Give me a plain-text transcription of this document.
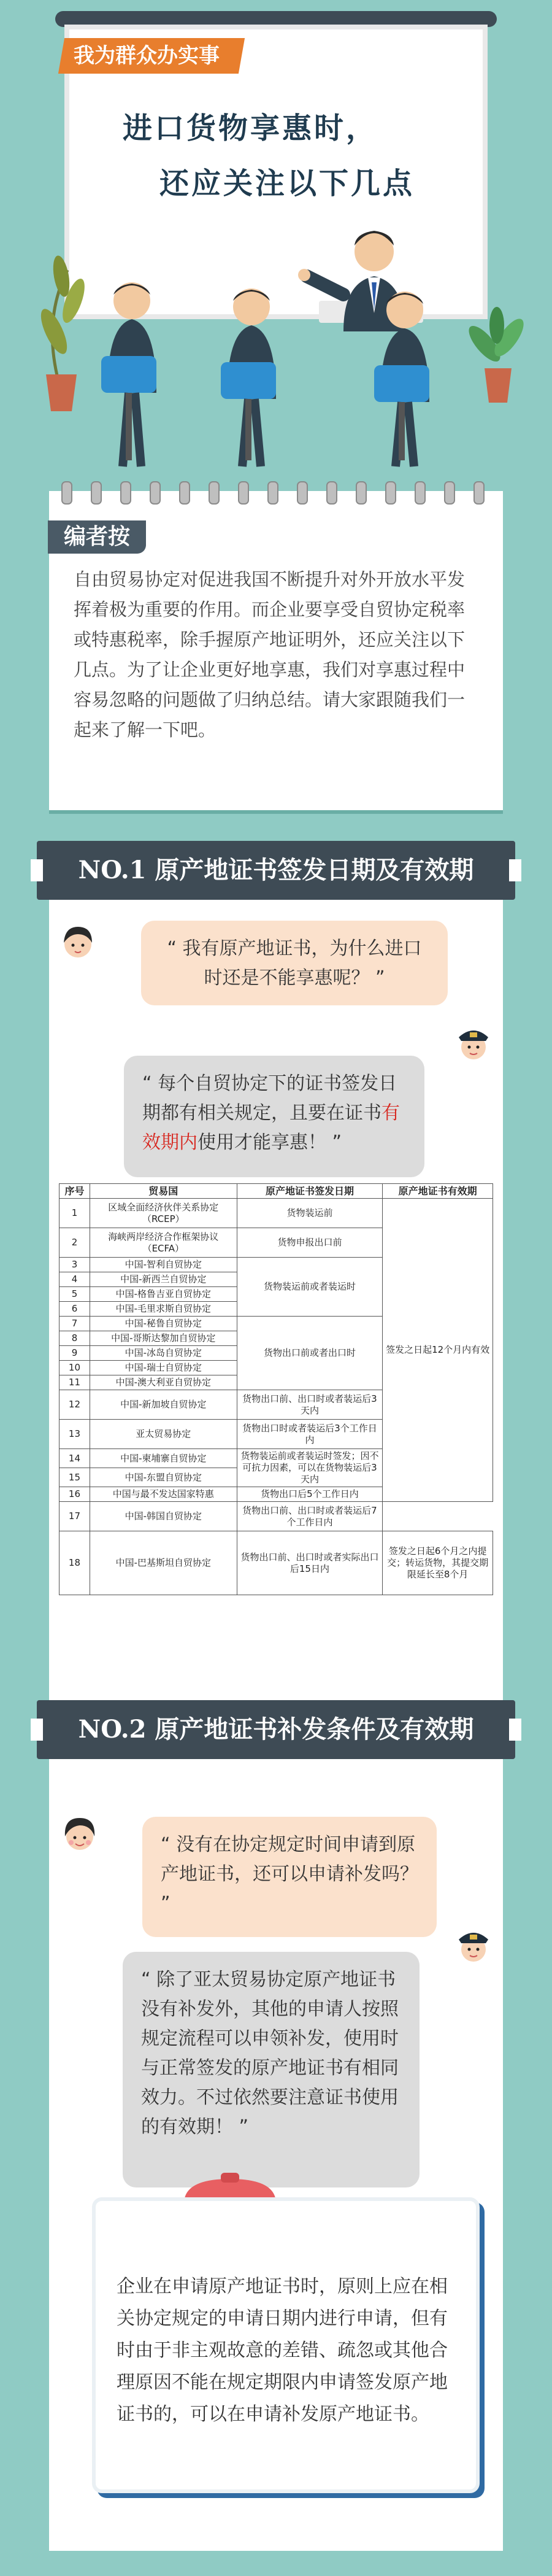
我为群众办实事
进口货物享惠时，
还应关注以下几点
编者按
自由贸易协定对促进我国不断提升对外开放水平发挥着极为重要的作用。而企业要享受自贸协定税率或特惠税率，除手握原产地证明外，还应关注以下几点。为了让企业更好地享惠，我们对享惠过程中容易忽略的问题做了归纳总结。请大家跟随我们一起来了解一下吧。
NO.1 原产地证书签发日期及有效期
“ 我有原产地证书，为什么进口时还是不能享惠呢？ ”
“ 每个自贸协定下的证书签发日期都有相关规定，且要在证书有效期内使用才能享惠！ ”
序号	贸易国	原产地证书签发日期	原产地证书有效期
1	区域全面经济伙伴关系协定（RCEP）	货物装运前	签发之日起12个月内有效
2	海峡两岸经济合作框架协议（ECFA）	货物申报出口前	
3	中国-智利自贸协定	货物装运前或者装运时	
4	中国-新西兰自贸协定		
5	中国-格鲁吉亚自贸协定		
6	中国-毛里求斯自贸协定		
7	中国-秘鲁自贸协定	货物出口前或者出口时	
8	中国-哥斯达黎加自贸协定		
9	中国-冰岛自贸协定		
10	中国-瑞士自贸协定		
11	中国-澳大利亚自贸协定		
12	中国-新加坡自贸协定	货物出口前、出口时或者装运后3天内	
13	亚太贸易协定	货物出口时或者装运后3个工作日内	
14	中国-柬埔寨自贸协定	货物装运前或者装运时签发；因不可抗力因素，可以在货物装运后3天内	

15	中国-东盟自贸协定		
16	中国与最不发达国家特惠	货物出口后5个工作日内	
17	中国-韩国自贸协定	货物出口前、出口时或者装运后7个工作日内	
18	中国-巴基斯坦自贸协定	货物出口前、出口时或者实际出口后15日内	签发之日起6个月之内提交；转运货物，其提交期限延长至8个月
NO.2 原产地证书补发条件及有效期
“ 没有在协定规定时间申请到原产地证书，还可以申请补发吗？ ”
“ 除了亚太贸易协定原产地证书没有补发外，其他的申请人按照规定流程可以申领补发，使用时与正常签发的原产地证书有相同效力。不过依然要注意证书使用的有效期！ ”
企业在申请原产地证书时，原则上应在相关协定规定的申请日期内进行申请，但有时由于非主观故意的差错、疏忽或其他合理原因不能在规定期限内申请签发原产地证书的，可以在申请补发原产地证书。
